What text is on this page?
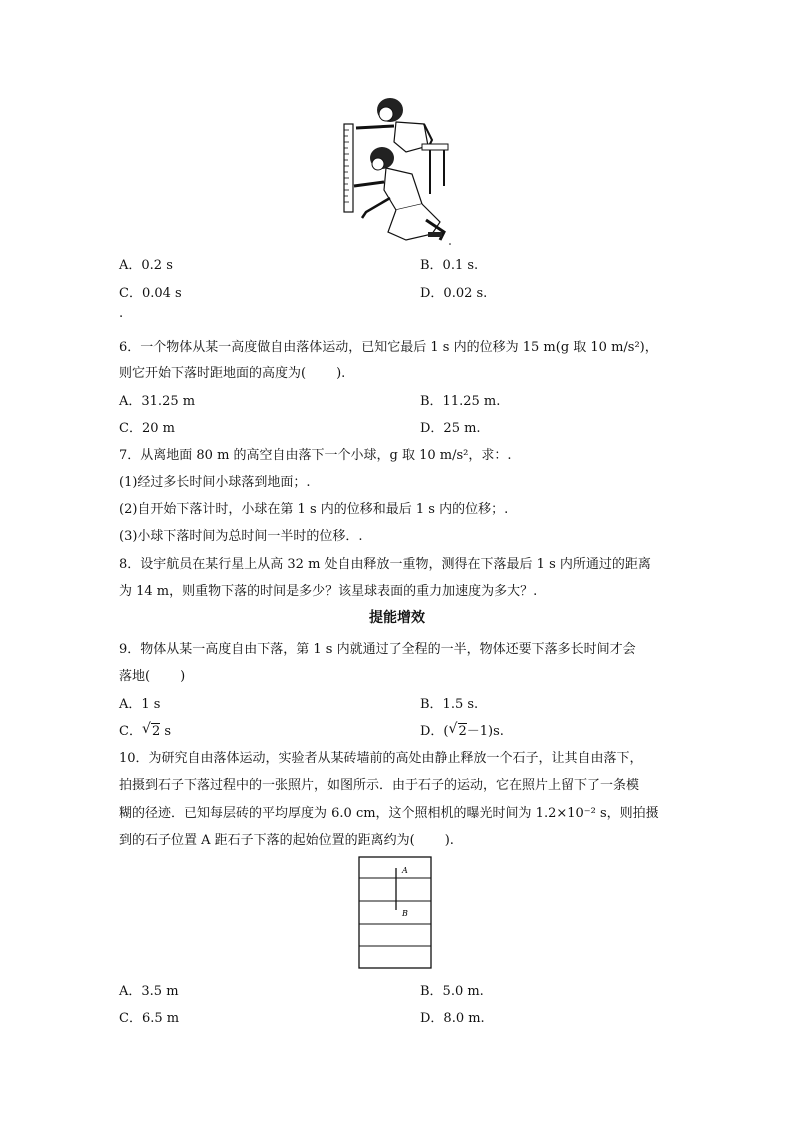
A．0.2 s	B．0.1 s.
C．0.04 s	D．0.02 s.
.
6．一个物体从某一高度做自由落体运动，已知它最后 1 s 内的位移为 15 m(g 取 10 m/s²)，
则它开始下落时距地面的高度为( ).
A．31.25 m	B．11.25 m.
C．20 m	D．25 m.
7．从离地面 80 m 的高空自由落下一个小球，g 取 10 m/s²，求：.
(1)经过多长时间小球落到地面；.
(2)自开始下落计时，小球在第 1 s 内的位移和最后 1 s 内的位移；.
(3)小球下落时间为总时间一半时的位移．.
8．设宇航员在某行星上从高 32 m 处自由释放一重物，测得在下落最后 1 s 内所通过的距离
为 14 m，则重物下落的时间是多少？该星球表面的重力加速度为多大？.
提能增效
9．物体从某一高度自由下落，第 1 s 内就通过了全程的一半，物体还要下落多长时间才会
落地( )
A．1 s	B．1.5 s.
C． √ 2 s	D．( √ 2－1)s.
10．为研究自由落体运动，实验者从某砖墙前的高处由静止释放一个石子，让其自由落下，
拍摄到石子下落过程中的一张照片，如图所示．由于石子的运动，它在照片上留下了一条模
糊的径迹．已知每层砖的平均厚度为 6.0 cm，这个照相机的曝光时间为 1.2×10⁻² s，则拍摄
到的石子位置 A 距石子下落的起始位置的距离约为( ).
A
B
A．3.5 m	B．5.0 m.
C．6.5 m	D．8.0 m.
